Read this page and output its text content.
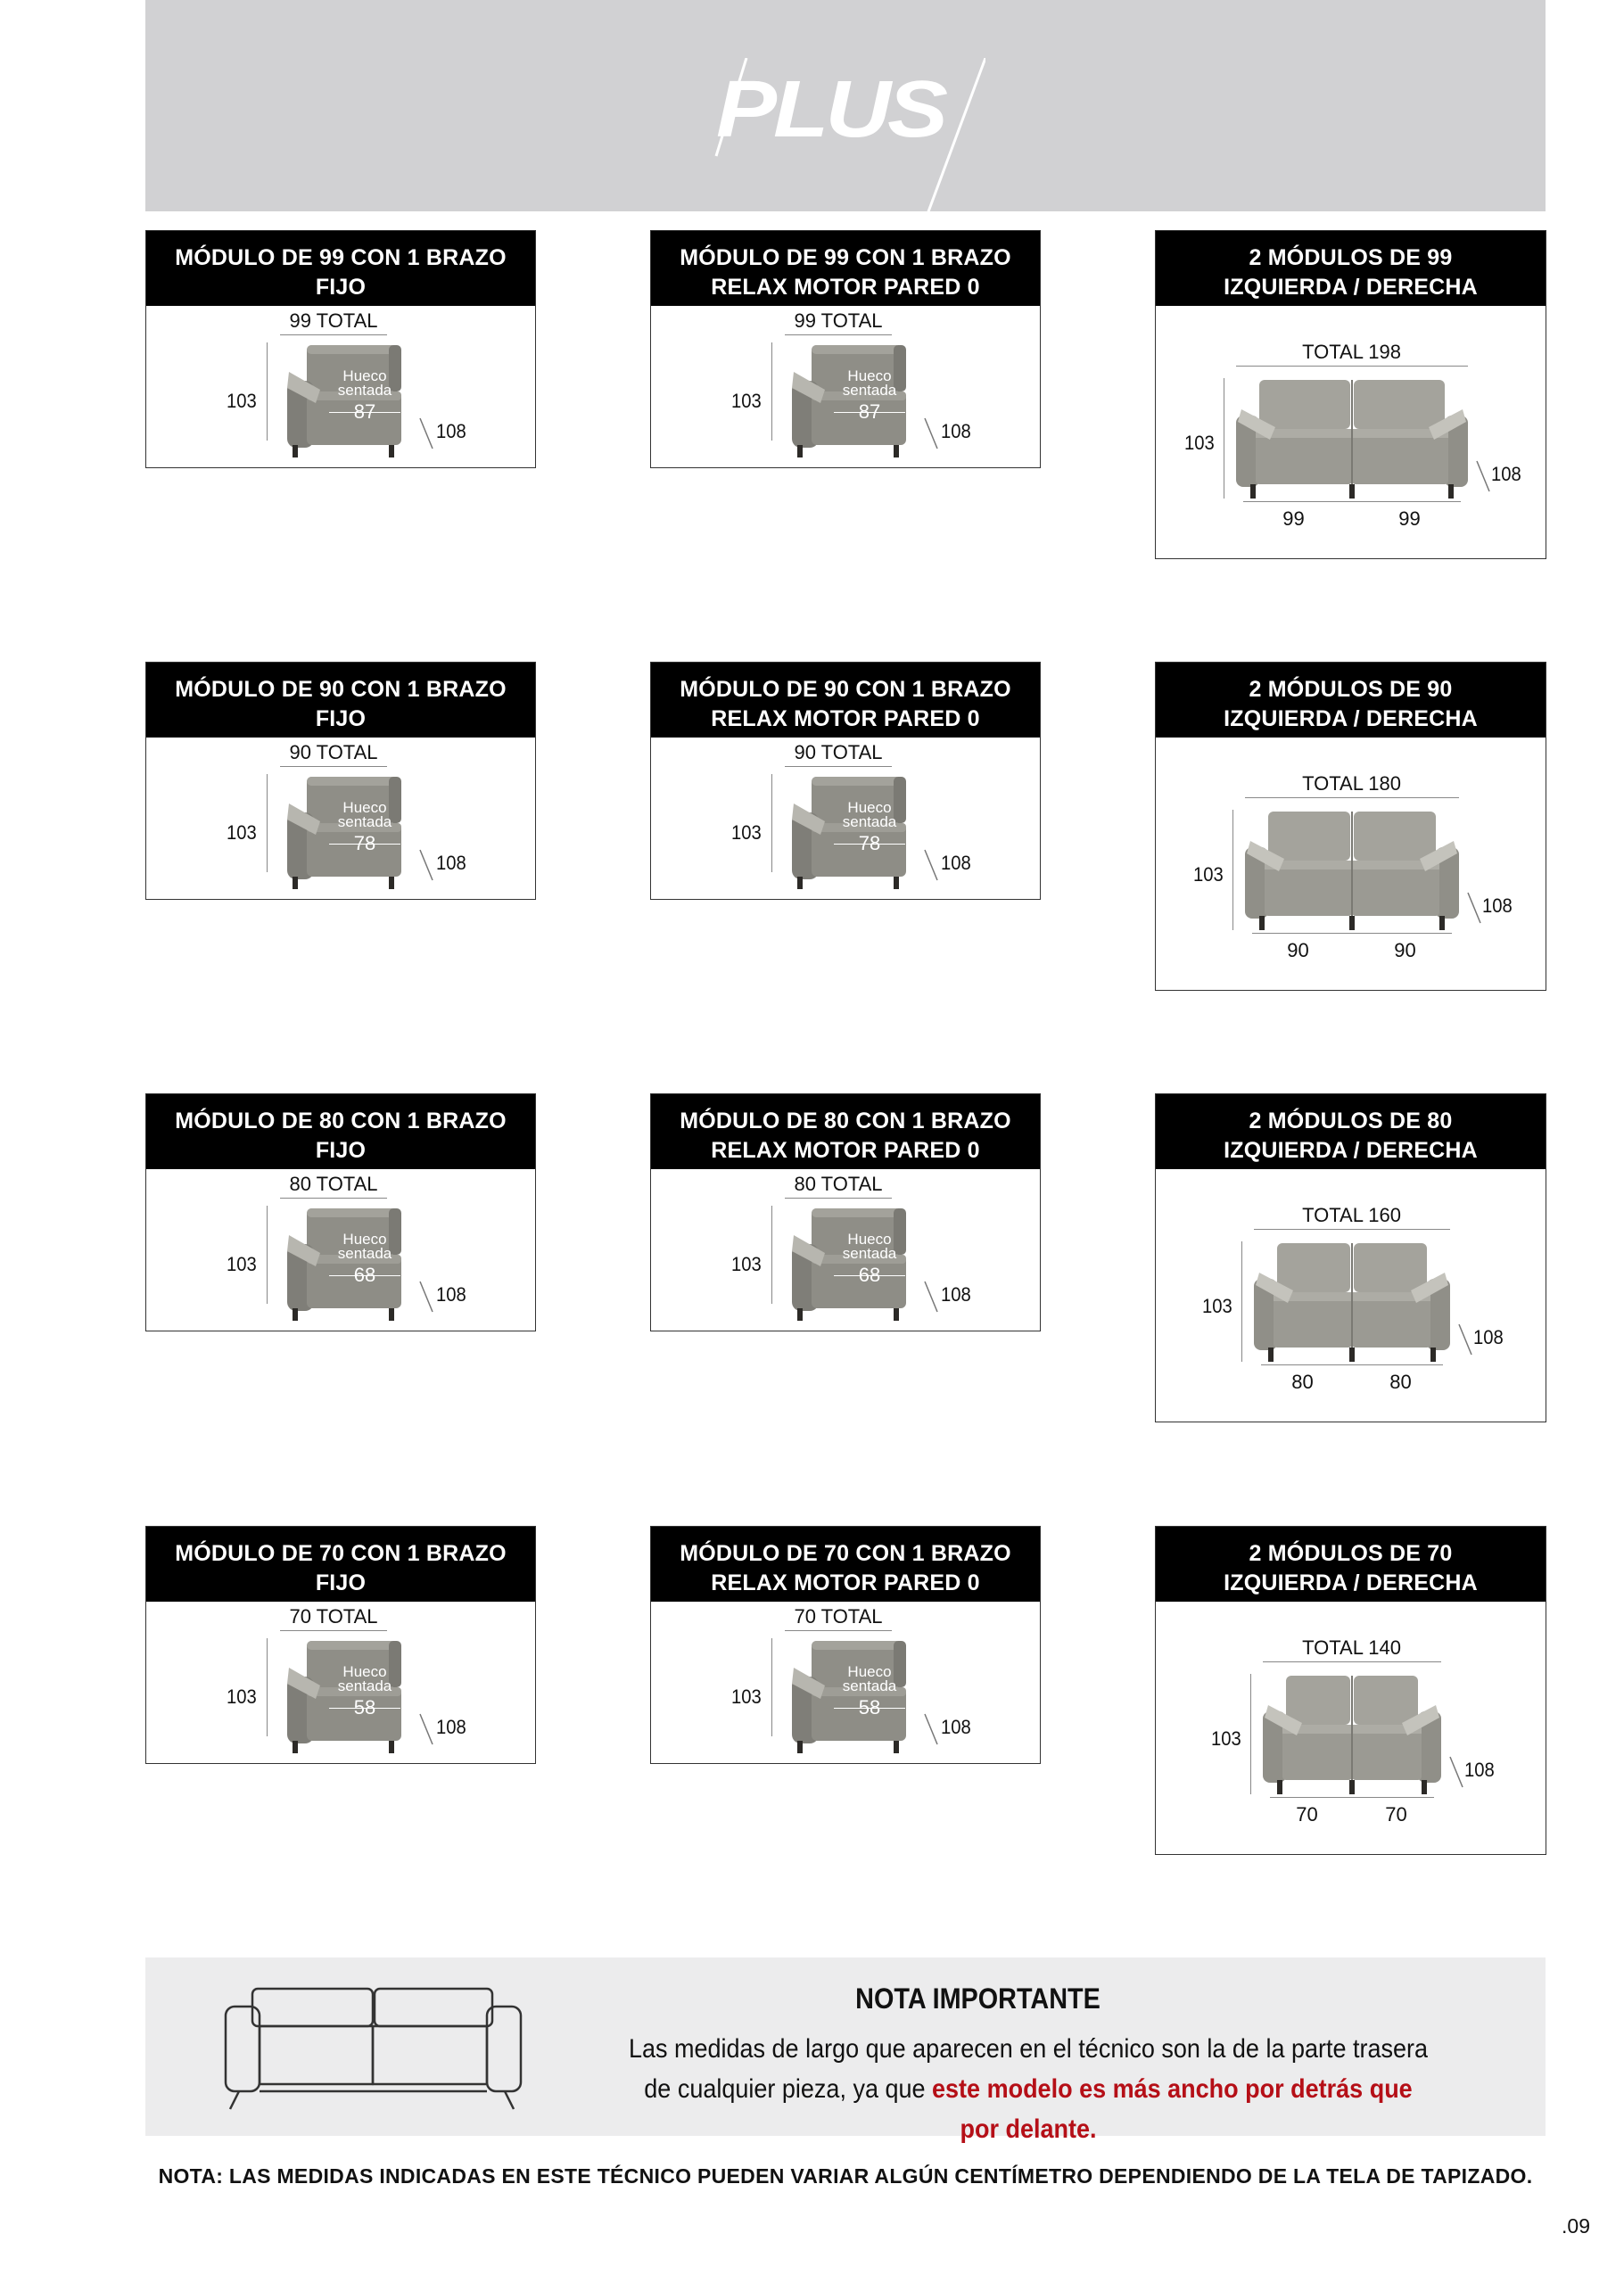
PLUS
MÓDULO DE 99 CON 1 BRAZO
FIJO
99 TOTAL
103
Hueco
sentada
87
108
MÓDULO DE 99 CON 1 BRAZO
RELAX MOTOR PARED 0
99 TOTAL
103
Hueco
sentada
87
108
MÓDULO DE 90 CON 1 BRAZO
FIJO
90 TOTAL
103
Hueco
sentada
78
108
MÓDULO DE 90 CON 1 BRAZO
RELAX MOTOR PARED 0
90 TOTAL
103
Hueco
sentada
78
108
MÓDULO DE 80 CON 1 BRAZO
FIJO
80 TOTAL
103
Hueco
sentada
68
108
MÓDULO DE 80 CON 1 BRAZO
RELAX MOTOR PARED 0
80 TOTAL
103
Hueco
sentada
68
108
MÓDULO DE 70 CON 1 BRAZO
FIJO
70 TOTAL
103
Hueco
sentada
58
108
MÓDULO DE 70 CON 1 BRAZO
RELAX MOTOR PARED 0
70 TOTAL
103
Hueco
sentada
58
108
2 MÓDULOS DE 99
IZQUIERDA / DERECHA
TOTAL 198
103
108
99	99
2 MÓDULOS DE 90
IZQUIERDA / DERECHA
TOTAL 180
103
108
90	90
2 MÓDULOS DE 80
IZQUIERDA / DERECHA
TOTAL 160
103
108
80	80
2 MÓDULOS DE 70
IZQUIERDA / DERECHA
TOTAL 140
103
108
70	70
NOTA IMPORTANTE
Las medidas de largo que aparecen en el técnico son la de la parte trasera de cualquier pieza, ya que este modelo es más ancho por detrás que por delante.
NOTA: LAS MEDIDAS INDICADAS EN ESTE TÉCNICO PUEDEN VARIAR ALGÚN CENTÍMETRO DEPENDIENDO DE LA TELA DE TAPIZADO.
.09
